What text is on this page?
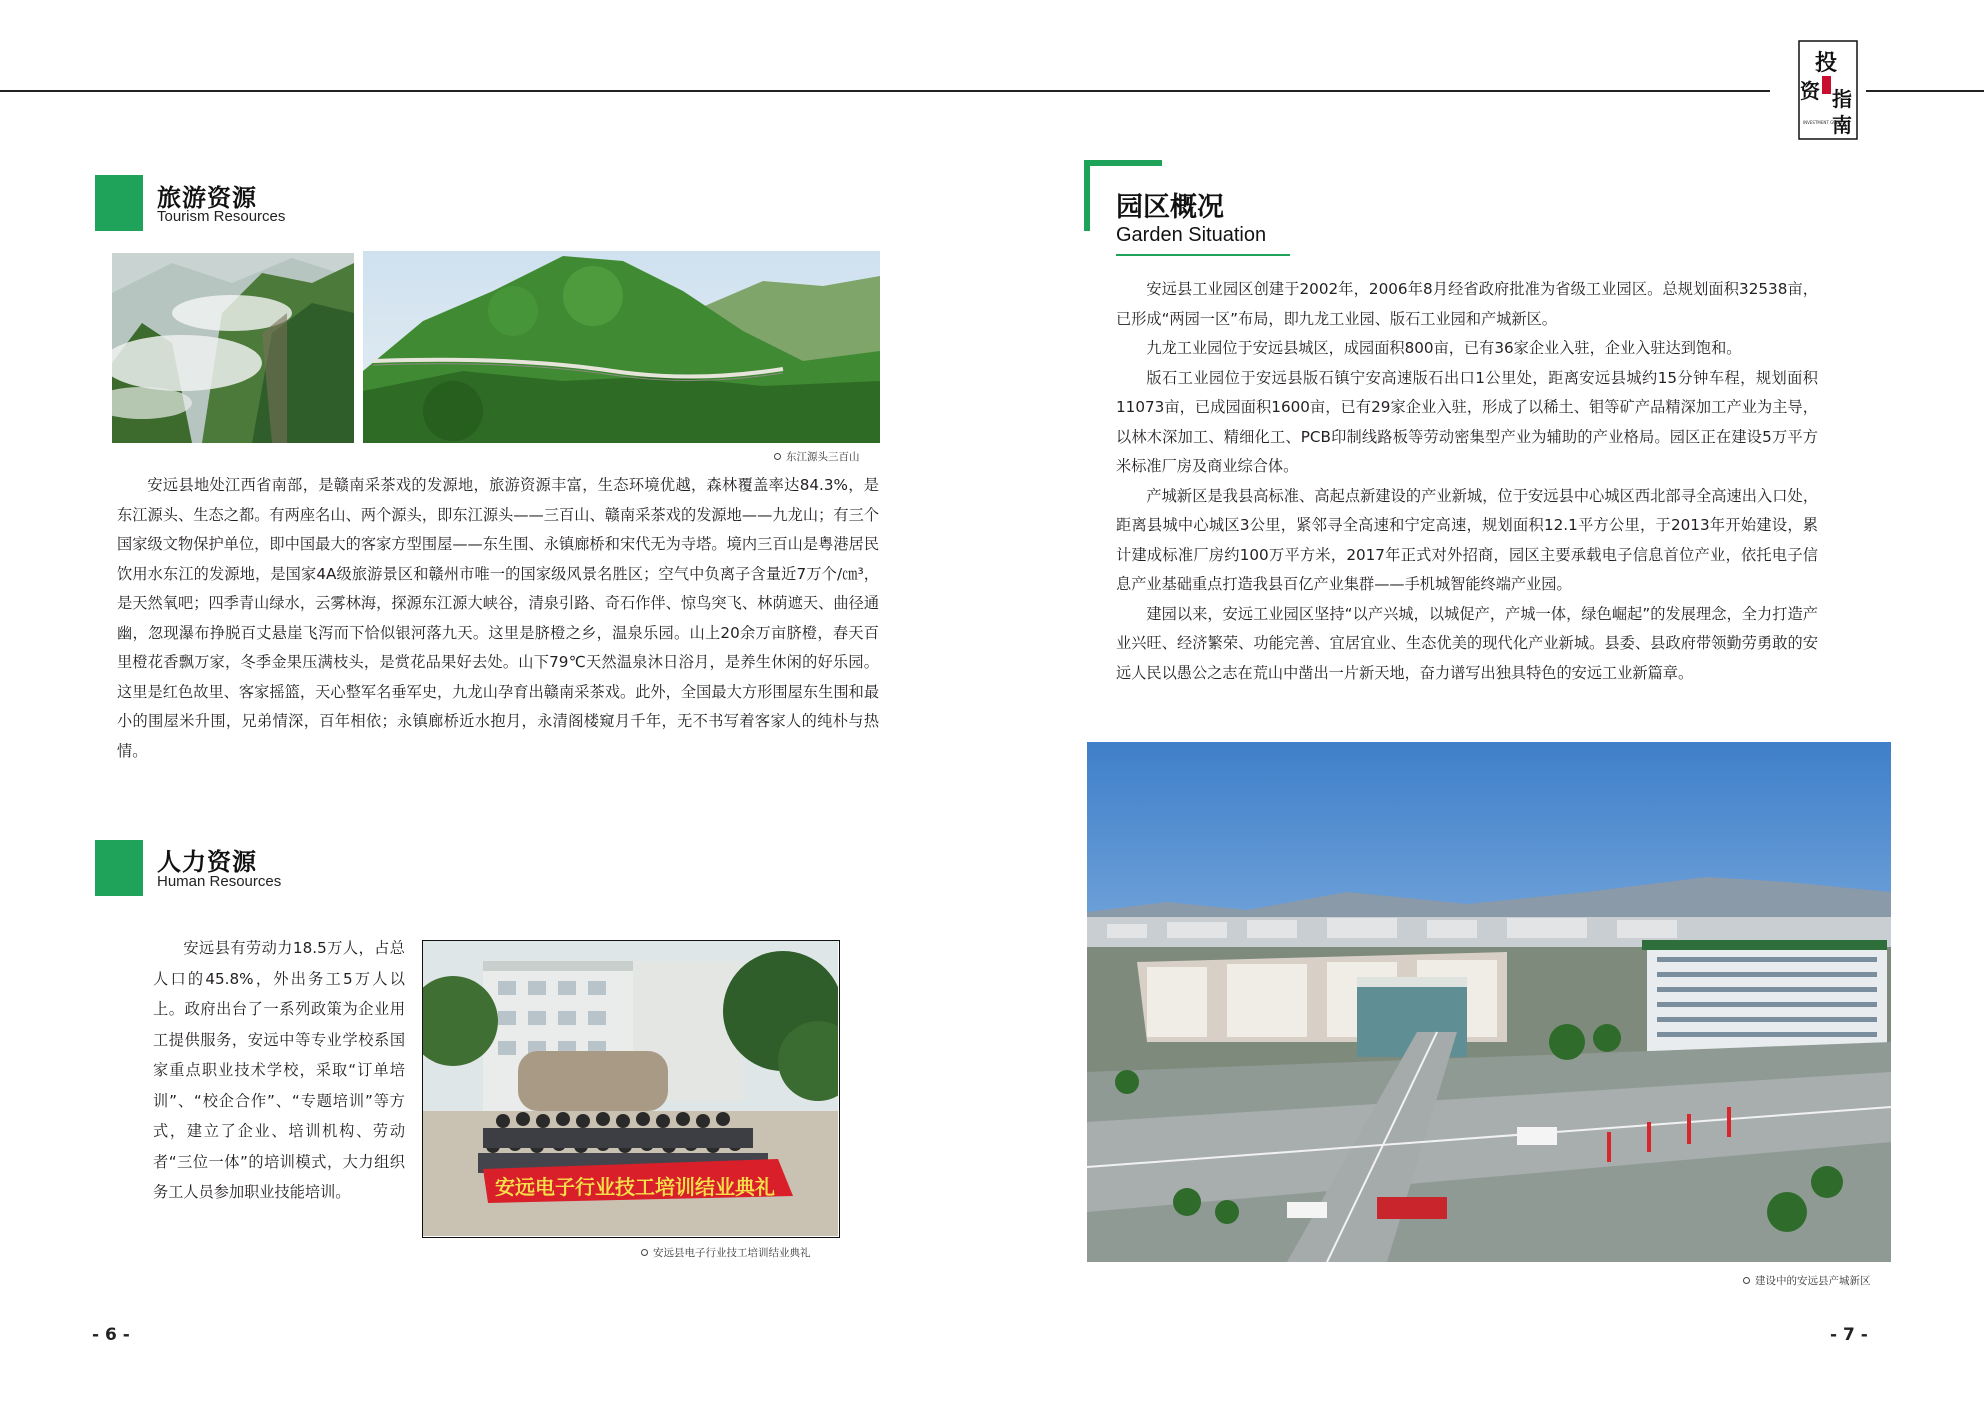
投
资 指
南
INVESTMENT GUIDE
旅游资源
Tourism Resources
东江源头三百山

安远县地处江西省南部，是赣南采茶戏的发源地，旅游资源丰富，生态环境优越，森林覆盖率达84.3%，是东江源头、生态之都。有两座名山、两个源头，即东江源头——三百山、赣南采茶戏的发源地——九龙山；有三个国家级文物保护单位，即中国最大的客家方型围屋——东生围、永镇廊桥和宋代无为寺塔。境内三百山是粤港居民饮用水东江的发源地，是国家4A级旅游景区和赣州市唯一的国家级风景名胜区；空气中负离子含量近7万个/㎝³，是天然氧吧；四季青山绿水，云雾林海，探源东江源大峡谷，清泉引路、奇石作伴、惊鸟突飞、林荫遮天、曲径通幽，忽现瀑布挣脱百丈悬崖飞泻而下恰似银河落九天。这里是脐橙之乡，温泉乐园。山上20余万亩脐橙，春天百里橙花香飘万家，冬季金果压满枝头，是赏花品果好去处。山下79℃天然温泉沐日浴月，是养生休闲的好乐园。这里是红色故里、客家摇篮，天心整军名垂军史，九龙山孕育出赣南采茶戏。此外，全国最大方形围屋东生围和最小的围屋米升围，兄弟情深，百年相依；永镇廊桥近水抱月，永清阁楼窥月千年，无不书写着客家人的纯朴与热情。

人力资源
Human Resources

安远县有劳动力18.5万人，占总人口的45.8%，外出务工5万人以上。政府出台了一系列政策为企业用工提供服务，安远中等专业学校系国家重点职业技术学校，采取“订单培训”、“校企合作”、“专题培训”等方式，建立了企业、培训机构、劳动者“三位一体”的培训模式，大力组织务工人员参加职业技能培训。	安远电子行业技工培训结业典礼
安远县电子行业技工培训结业典礼
- 6 -
园区概况
Garden Situation

安远县工业园区创建于2002年，2006年8月经省政府批准为省级工业园区。总规划面积32538亩，已形成“两园一区”布局，即九龙工业园、版石工业园和产城新区。

九龙工业园位于安远县城区，成园面积800亩，已有36家企业入驻，企业入驻达到饱和。

版石工业园位于安远县版石镇宁安高速版石出口1公里处，距离安远县城约15分钟车程，规划面积11073亩，已成园面积1600亩，已有29家企业入驻，形成了以稀土、钼等矿产品精深加工产业为主导，以林木深加工、精细化工、PCB印制线路板等劳动密集型产业为辅助的产业格局。园区正在建设5万平方米标准厂房及商业综合体。

产城新区是我县高标准、高起点新建设的产业新城，位于安远县中心城区西北部寻全高速出入口处，距离县城中心城区3公里，紧邻寻全高速和宁定高速，规划面积12.1平方公里，于2013年开始建设，累计建成标准厂房约100万平方米，2017年正式对外招商，园区主要承载电子信息首位产业，依托电子信息产业基础重点打造我县百亿产业集群——手机城智能终端产业园。

建园以来，安远工业园区坚持“以产兴城，以城促产，产城一体，绿色崛起”的发展理念，全力打造产业兴旺、经济繁荣、功能完善、宜居宜业、生态优美的现代化产业新城。县委、县政府带领勤劳勇敢的安远人民以愚公之志在荒山中凿出一片新天地，奋力谱写出独具特色的安远工业新篇章。

建设中的安远县产城新区
- 7 -
